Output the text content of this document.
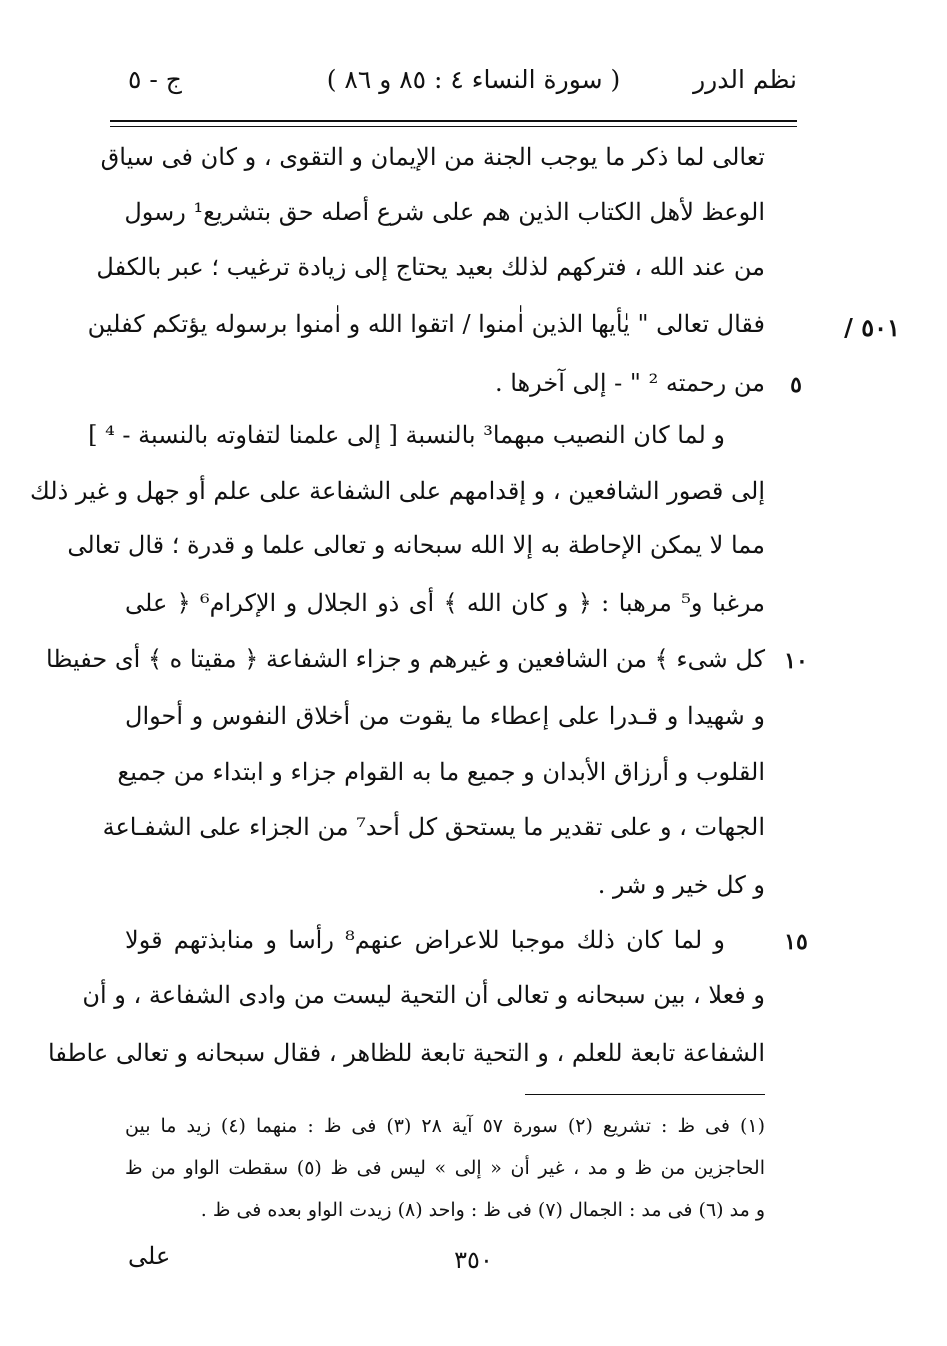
نظم الدرر
( سورة النساء ٤ : ٨٥ و ٨٦ )
ج - ٥
تعالى لما ذكر ما يوجب الجنة من الإيمان و التقوى ، و كان فى سياق
الوعظ لأهل الكتاب الذين هم على شرع أصله حق بتشريع¹ رسول
من عند الله ، فتركهم لذلك بعيد يحتاج إلى زيادة ترغيب ؛ عبر بالكفل
فقال تعالى " يٰأيها الذين اٰمنوا / اتقوا الله و اٰمنوا برسوله يؤتكم كفلين	٥٠١ /
من رحمته ² " - إلى آخرها .	٥
و لما كان النصيب مبهما³ بالنسبة [ إلى علمنا لتفاوته بالنسبة - ⁴ ]
إلى قصور الشافعين ، و إقدامهم على الشفاعة على علم أو جهل و غير ذلك
مما لا يمكن الإحاطة به إلا الله سبحانه و تعالى علما و قدرة ؛ قال تعالى
مرغبا و⁵ مرهبا : ﴿ و كان الله ﴾ أى ذو الجلال و الإكرام⁶ ﴿ على
كل شىء ﴾ من الشافعين و غيرهم و جزاء الشفاعة ﴿ مقيتا ه ﴾ أى حفيظا ١٠
و شهيدا و قـدرا على إعطاء ما يقوت من أخلاق النفوس و أحوال
القلوب و أرزاق الأبدان و جميع ما به القوام جزاء و ابتداء من جميع
الجهات ، و على تقدير ما يستحق كل أحد⁷ من الجزاء على الشفـاعة
و كل خير و شر .
و لما كان ذلك موجبا للاعراض عنهم⁸ رأسا و منابذتهم قولا	١٥
و فعلا ، بين سبحانه و تعالى أن التحية ليست من وادى الشفاعة ، و أن
الشفاعة تابعة للعلم ، و التحية تابعة للظاهر ، فقال سبحانه و تعالى عاطفا
(١) فى ظ : تشريع (٢) سورة ٥٧ آية ٢٨ (٣) فى ظ : منهما (٤) زيد ما بين
الحاجزين من ظ و مد ، غير أن « إلى » ليس فى ظ (٥) سقطت الواو من ظ
و مد (٦) فى مد : الجمال (٧) فى ظ : واحد (٨) زيدت الواو بعده فى ظ .
٣٥٠
على
